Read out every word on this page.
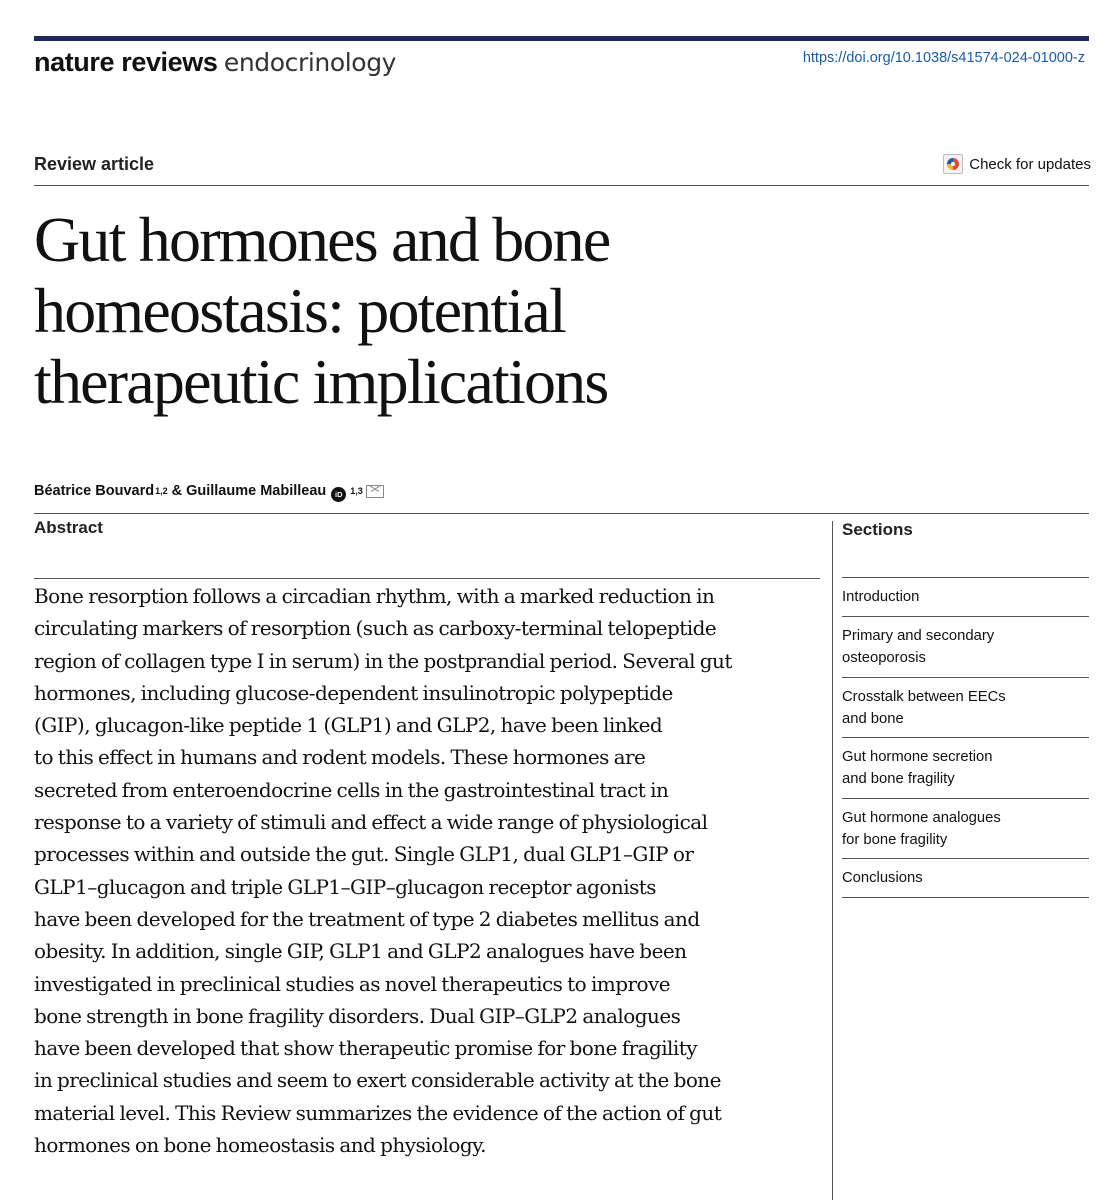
nature reviews endocrinology	https://doi.org/10.1038/s41574-024-01000-z
Review article	Check for updates
Gut hormones and bone
homeostasis: potential
therapeutic implications
Béatrice Bouvard$^{1,2}$ & Guillaume Mabilleau	iD $^{1,3}$
Abstract

Bone resorption follows a circadian rhythm, with a marked reduction in
circulating markers of resorption (such as carboxy-terminal telopeptide
region of collagen type I in serum) in the postprandial period. Several gut
hormones, including glucose-dependent insulinotropic polypeptide
(GIP), glucagon-like peptide 1 (GLP1) and GLP2, have been linked
to this effect in humans and rodent models. These hormones are
secreted from enteroendocrine cells in the gastrointestinal tract in
response to a variety of stimuli and effect a wide range of physiological
processes within and outside the gut. Single GLP1, dual GLP1–GIP or
GLP1–glucagon and triple GLP1–GIP–glucagon receptor agonists
have been developed for the treatment of type 2 diabetes mellitus and
obesity. In addition, single GIP, GLP1 and GLP2 analogues have been
investigated in preclinical studies as novel therapeutics to improve
bone strength in bone fragility disorders. Dual GIP–GLP2 analogues
have been developed that show therapeutic promise for bone fragility
in preclinical studies and seem to exert considerable activity at the bone
material level. This Review summarizes the evidence of the action of gut
hormones on bone homeostasis and physiology.

Sections
Introduction
Primary and secondary
osteoporosis
Crosstalk between EECs
and bone
Gut hormone secretion
and bone fragility
Gut hormone analogues
for bone fragility
Conclusions
